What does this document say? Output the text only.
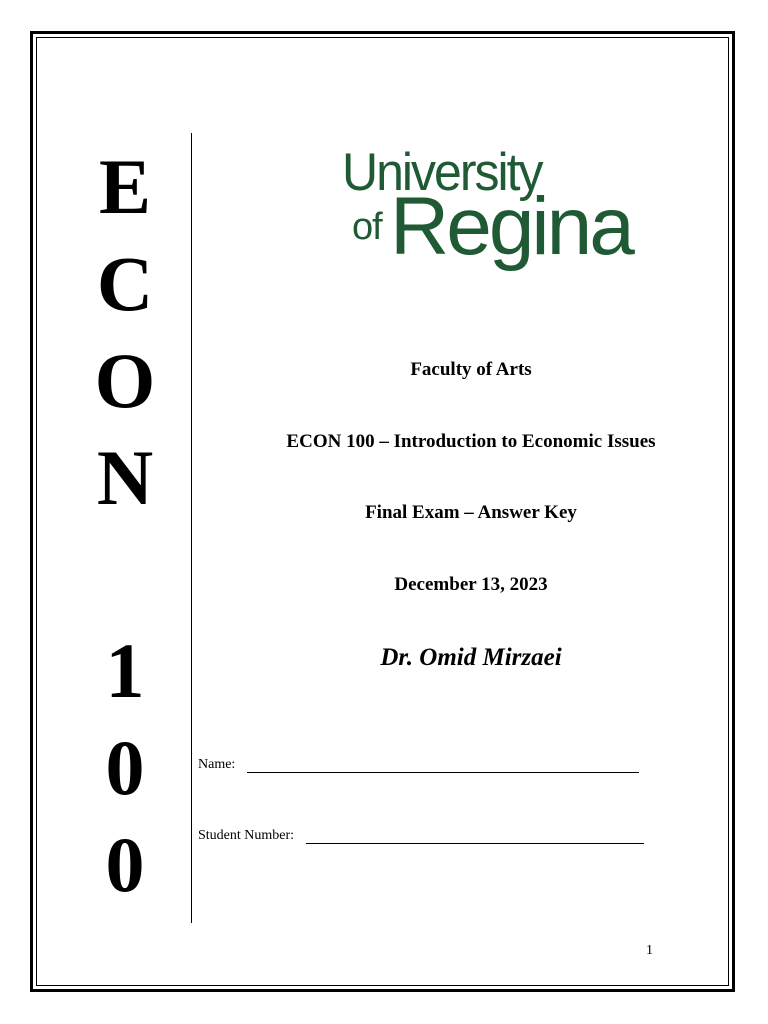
E
C
O
N
1
0
0
University
of Regina
Faculty of Arts
ECON 100 – Introduction to Economic Issues
Final Exam – Answer Key
December 13, 2023
Dr. Omid Mirzaei
Name:
Student Number:
1
